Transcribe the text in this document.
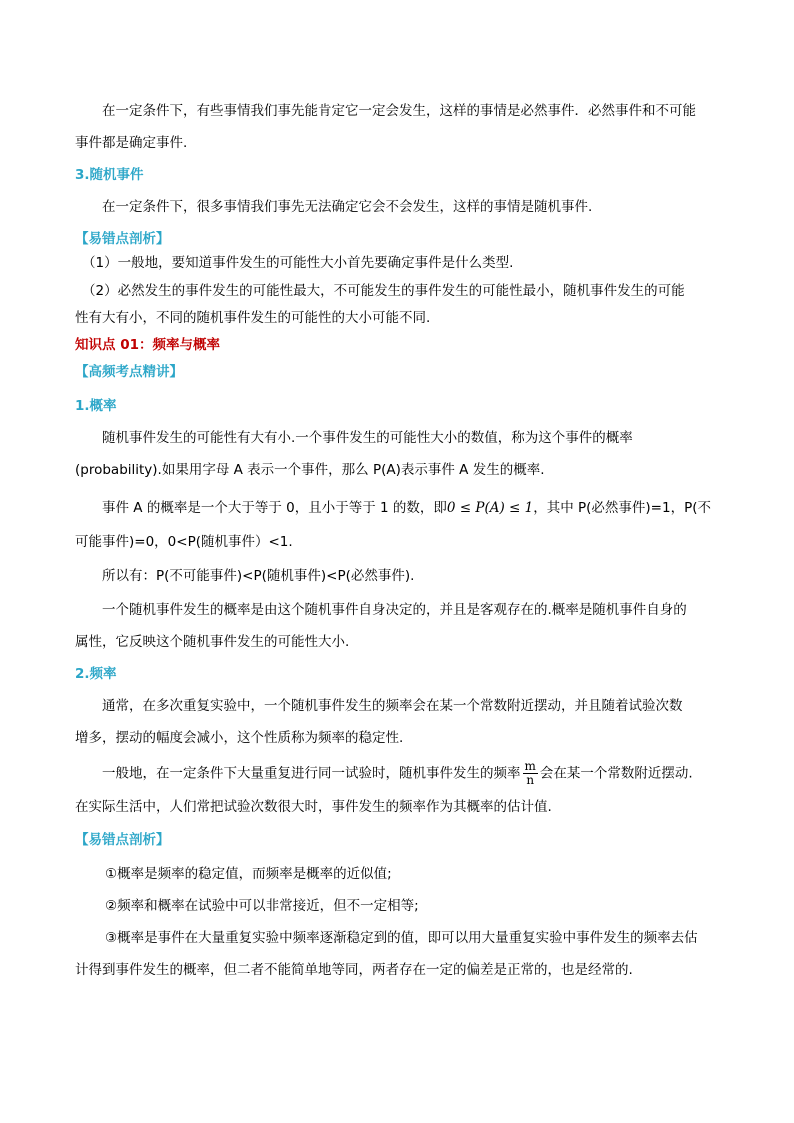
在一定条件下，有些事情我们事先能肯定它一定会发生，这样的事情是必然事件．必然事件和不可能
事件都是确定事件.
3.随机事件
在一定条件下，很多事情我们事先无法确定它会不会发生，这样的事情是随机事件.
【易错点剖析】
（1）一般地，要知道事件发生的可能性大小首先要确定事件是什么类型.
（2）必然发生的事件发生的可能性最大，不可能发生的事件发生的可能性最小，随机事件发生的可能
性有大有小，不同的随机事件发生的可能性的大小可能不同.
知识点 01：频率与概率
【高频考点精讲】
1.概率
随机事件发生的可能性有大有小.一个事件发生的可能性大小的数值，称为这个事件的概率
(probability).如果用字母 A 表示一个事件，那么 P(A)表示事件 A 发生的概率.
事件 A 的概率是一个大于等于 0，且小于等于 1 的数，即0 ≤ P(A) ≤ 1，其中 P(必然事件)=1，P(不
可能事件)=0，0<P(随机事件）<1.
所以有：P(不可能事件)<P(随机事件)<P(必然事件).
一个随机事件发生的概率是由这个随机事件自身决定的，并且是客观存在的.概率是随机事件自身的
属性，它反映这个随机事件发生的可能性大小.
2.频率
通常，在多次重复实验中，一个随机事件发生的频率会在某一个常数附近摆动，并且随着试验次数
增多，摆动的幅度会减小，这个性质称为频率的稳定性.
一般地，在一定条件下大量重复进行同一试验时，随机事件发生的频率 $\frac{m}{n}$ 会在某一个常数附近摆动.
在实际生活中，人们常把试验次数很大时，事件发生的频率作为其概率的估计值.
【易错点剖析】
①概率是频率的稳定值，而频率是概率的近似值;
②频率和概率在试验中可以非常接近，但不一定相等;
③概率是事件在大量重复实验中频率逐渐稳定到的值，即可以用大量重复实验中事件发生的频率去估
计得到事件发生的概率，但二者不能简单地等同，两者存在一定的偏差是正常的，也是经常的.
